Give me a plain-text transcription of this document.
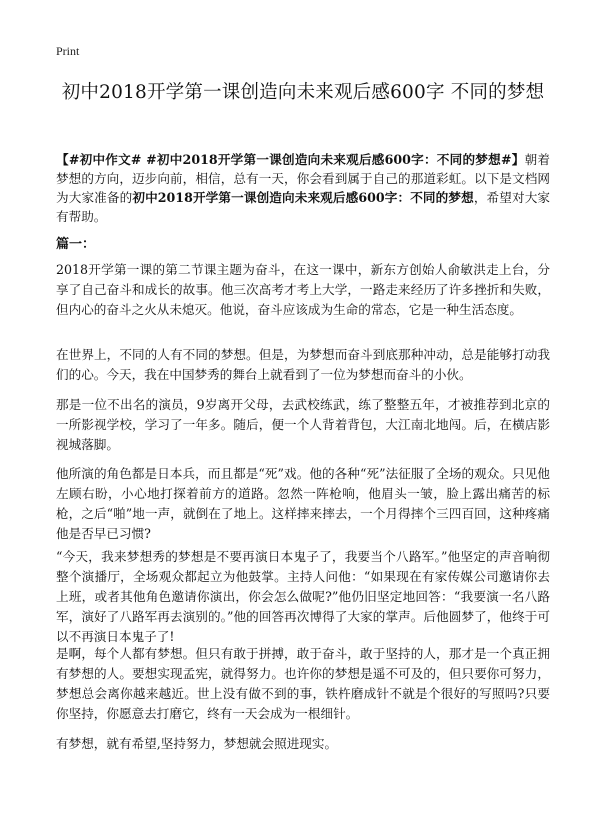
Print
初中2018开学第一课创造向未来观后感600字 不同的梦想

【#初中作文# #初中2018开学第一课创造向未来观后感600字：不同的梦想#】朝着梦想的方向，迈步向前，相信，总有一天，你会看到属于自己的那道彩虹。以下是文档网为大家准备的初中2018开学第一课创造向未来观后感600字：不同的梦想，希望对大家有帮助。

篇一：

2018开学第一课的第二节课主题为奋斗，在这一课中，新东方创始人俞敏洪走上台，分享了自己奋斗和成长的故事。他三次高考才考上大学，一路走来经历了许多挫折和失败，但内心的奋斗之火从未熄灭。他说，奋斗应该成为生命的常态，它是一种生活态度。

在世界上，不同的人有不同的梦想。但是，为梦想而奋斗到底那种冲动，总是能够打动我们的心。今天，我在中国梦秀的舞台上就看到了一位为梦想而奋斗的小伙。

那是一位不出名的演员，9岁离开父母，去武校练武，练了整整五年，才被推荐到北京的一所影视学校，学习了一年多。随后，便一个人背着背包，大江南北地闯。后，在横店影视城落脚。

他所演的角色都是日本兵，而且都是“死”戏。他的各种“死”法征服了全场的观众。只见他左顾右盼，小心地打探着前方的道路。忽然一阵枪响，他眉头一皱，脸上露出痛苦的标枪，之后“啪”地一声，就倒在了地上。这样摔来摔去，一个月得摔个三四百回，这种疼痛他是否早已习惯?

“今天，我来梦想秀的梦想是不要再演日本鬼子了，我要当个八路军。”他坚定的声音响彻整个演播厅，全场观众都起立为他鼓掌。主持人问他：“如果现在有家传媒公司邀请你去上班，或者其他角色邀请你演出，你会怎么做呢?”他仍旧坚定地回答：“我要演一名八路军，演好了八路军再去演别的。”他的回答再次博得了大家的掌声。后他圆梦了，他终于可以不再演日本鬼子了!

是啊，每个人都有梦想。但只有敢于拼搏，敢于奋斗，敢于坚持的人，那才是一个真正拥有梦想的人。要想实现孟宪，就得努力。也许你的梦想是遥不可及的，但只要你可努力，梦想总会离你越来越近。世上没有做不到的事，铁杵磨成针不就是个很好的写照吗?只要你坚持，你愿意去打磨它，终有一天会成为一根细针。

有梦想，就有希望,坚持努力，梦想就会照进现实。
